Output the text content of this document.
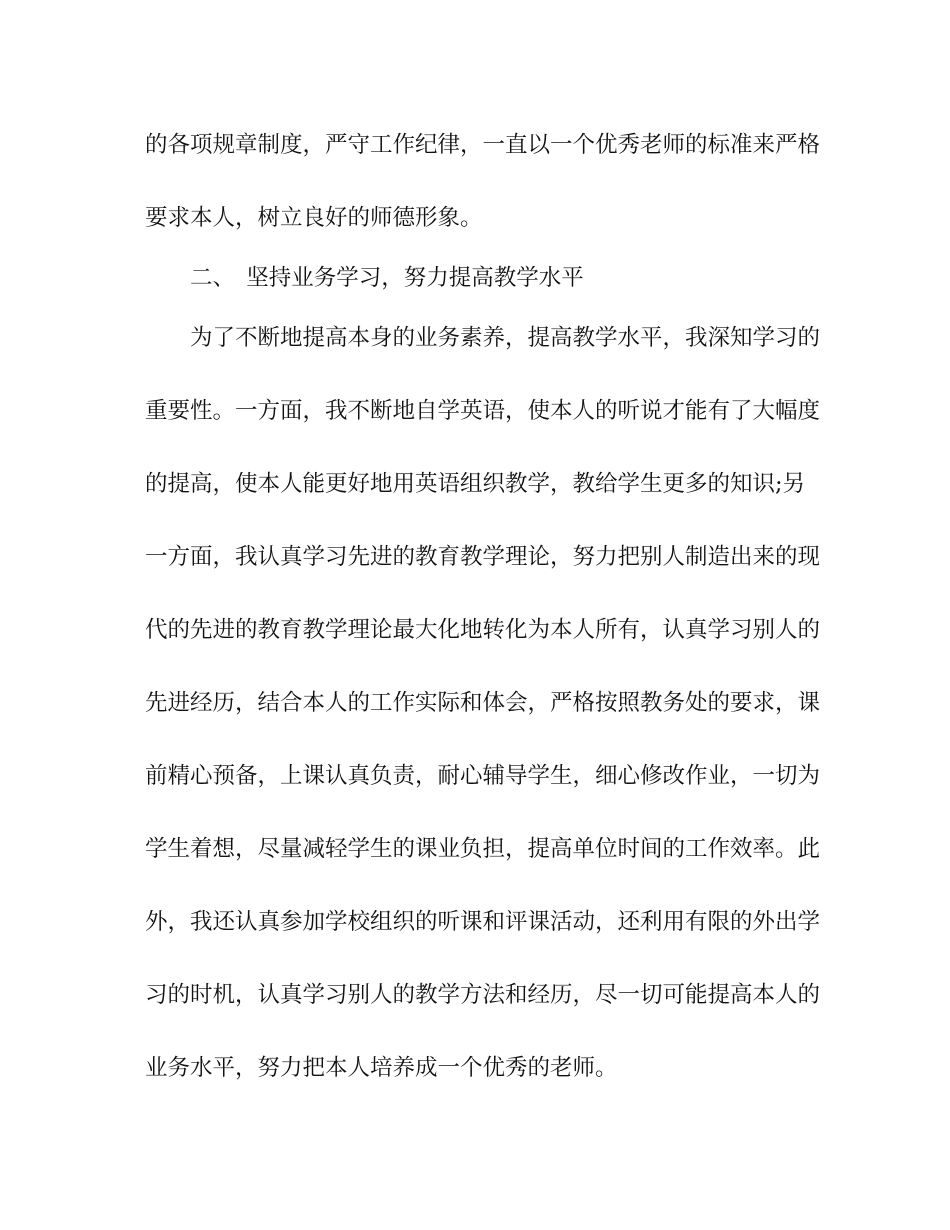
的各项规章制度，严守工作纪律，一直以一个优秀老师的标准来严格
要求本人，树立良好的师德形象。
二、　坚持业务学习，努力提高教学水平
为了不断地提高本身的业务素养，提高教学水平，我深知学习的
重要性。一方面，我不断地自学英语，使本人的听说才能有了大幅度
的提高，使本人能更好地用英语组织教学，教给学生更多的知识;另
一方面，我认真学习先进的教育教学理论，努力把别人制造出来的现
代的先进的教育教学理论最大化地转化为本人所有，认真学习别人的
先进经历，结合本人的工作实际和体会，严格按照教务处的要求，课
前精心预备，上课认真负责，耐心辅导学生，细心修改作业，一切为
学生着想，尽量减轻学生的课业负担，提高单位时间的工作效率。此
外，我还认真参加学校组织的听课和评课活动，还利用有限的外出学
习的时机，认真学习别人的教学方法和经历，尽一切可能提高本人的
业务水平，努力把本人培养成一个优秀的老师。
